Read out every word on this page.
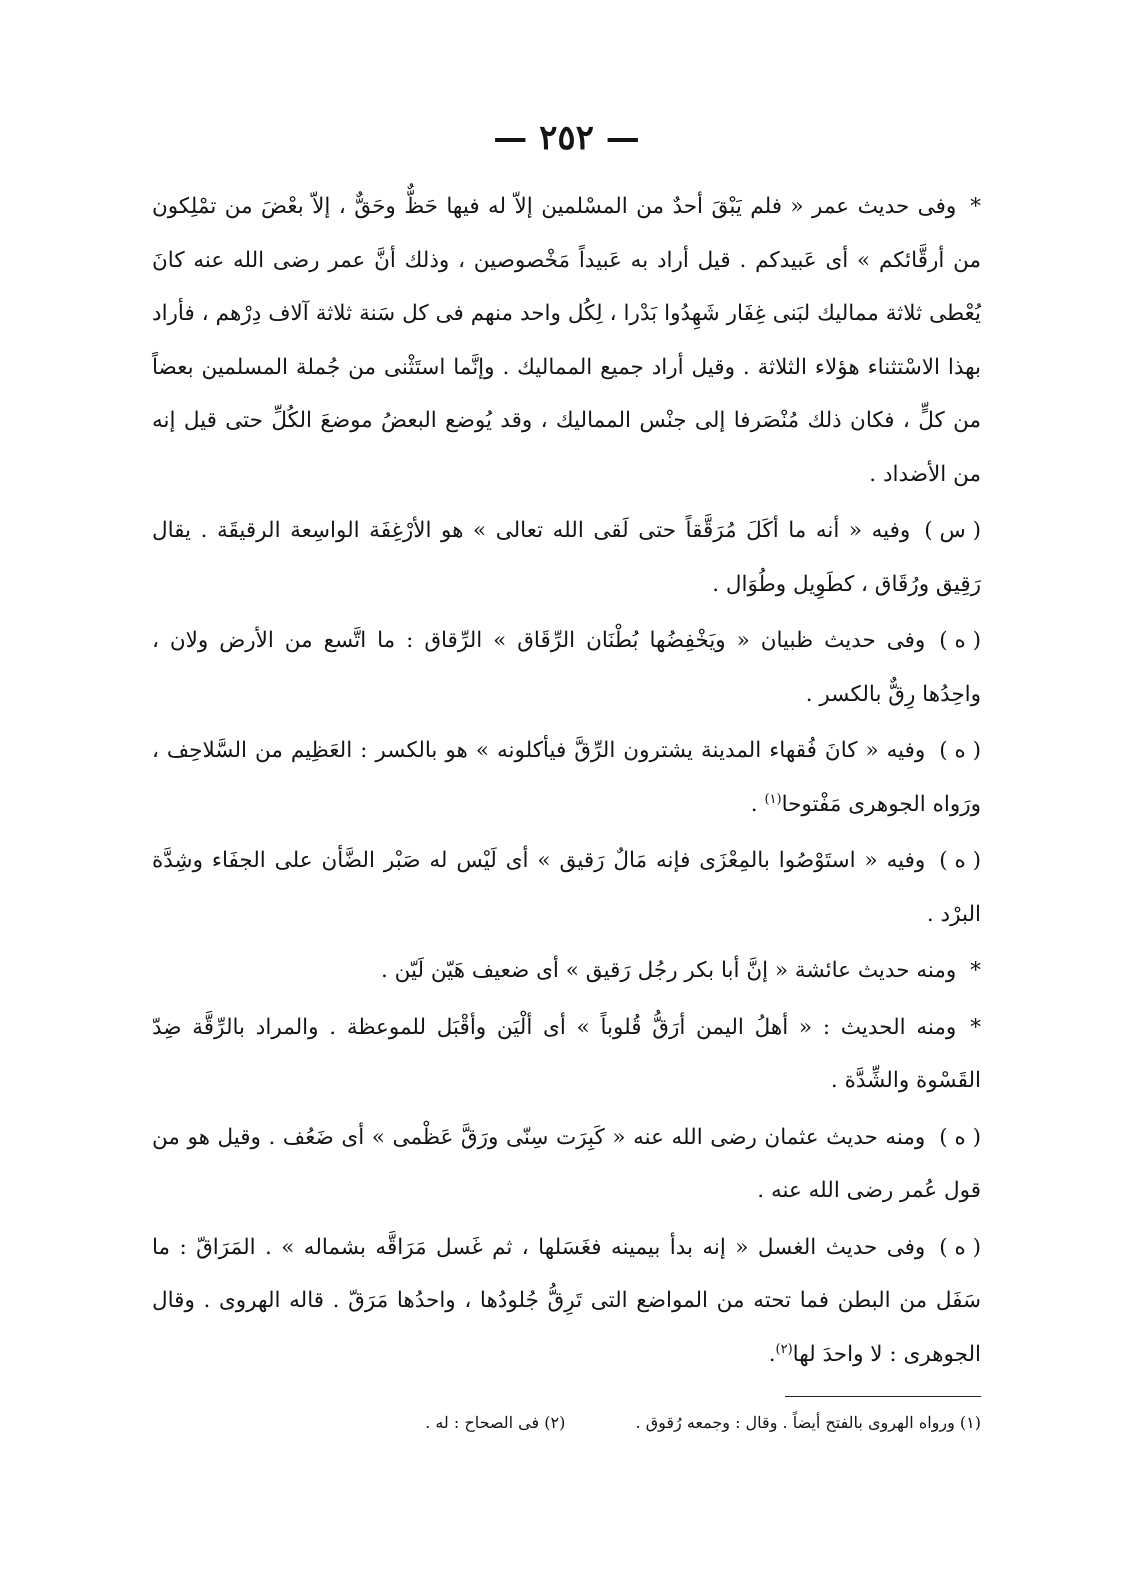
— ٢٥٢ —

*وفى حديث عمر « فلم يَبْقَ أحدٌ من المسْلمين إلاّ له فيها حَظٌّ وحَقٌّ ، إلاّ بعْضَ من تمْلِكون من أرقَّائكم » أى عَبيدكم . قيل أراد به عَبيداً مَخْصوصين ، وذلك أنَّ عمر رضى الله عنه كانَ يُعْطى ثلاثة مماليك لبَنى غِفَار شَهِدُوا بَدْرا ، لِكُل واحد منهم فى كل سَنة ثلاثة آلاف دِرْهم ، فأراد بهذا الاسْتثناء هؤلاء الثلاثة . وقيل أراد جميع المماليك . وإنَّما استَثْنى من جُملة المسلمين بعضاً من كلٍّ ، فكان ذلك مُنْصَرفا إلى جنْس المماليك ، وقد يُوضع البعضُ موضعَ الكُلِّ حتى قيل إنه من الأضداد .

( س )وفيه « أنه ما أكَلَ مُرَقَّقاً حتى لَقى الله تعالى » هو الأرْغِفَة الواسِعة الرقيقَة . يقال رَقِيق ورُقَاق ، كطَوِيل وطُوَال .

( ه )وفى حديث ظبيان « ويَخْفِضُها بُطْنَان الرِّقَاق » الرِّقاق : ما اتَّسع من الأرض ولان ، واحِدُها رِقٌّ بالكسر .

( ه )وفيه « كانَ فُقهاء المدينة يشترون الرِّقَّ فيأكلونه » هو بالكسر : العَظِيم من السَّلاحِف ، ورَواه الجوهرى مَفْتوحا$^{(١)}$ .

( ه )وفيه « استَوْصُوا بالمِعْزَى فإنه مَالٌ رَقيق » أى لَيْس له صَبْر الضَّأن على الجفَاء وشِدَّة البرْد .

*ومنه حديث عائشة « إنَّ أبا بكر رجُل رَقيق » أى ضعيف هَيّن لَيّن .

*ومنه الحديث : « أهلُ اليمن أرَقُّ قُلوباً » أى ألْيَن وأقْبَل للموعظة . والمراد بالرِّقَّة ضِدّ القَسْوة والشِّدَّة .

( ه )ومنه حديث عثمان رضى الله عنه « كَبِرَت سِنّى ورَقَّ عَظْمى » أى ضَعُف . وقيل هو من قول عُمر رضى الله عنه .

( ه )وفى حديث الغسل « إنه بدأ بيمينه فغَسَلها ، ثم غَسل مَرَاقَّه بشماله » . المَرَاقّ : ما سَفَل من البطن فما تحته من المواضع التى تَرِقُّ جُلودُها ، واحدُها مَرَقّ . قاله الهروى . وقال الجوهرى : لا واحدَ لها$^{(٢)}$.

(١) ورواه الهروى بالفتح أيضاً . وقال : وجمعه رُقوق .  (٢) فى الصحاح : له .
